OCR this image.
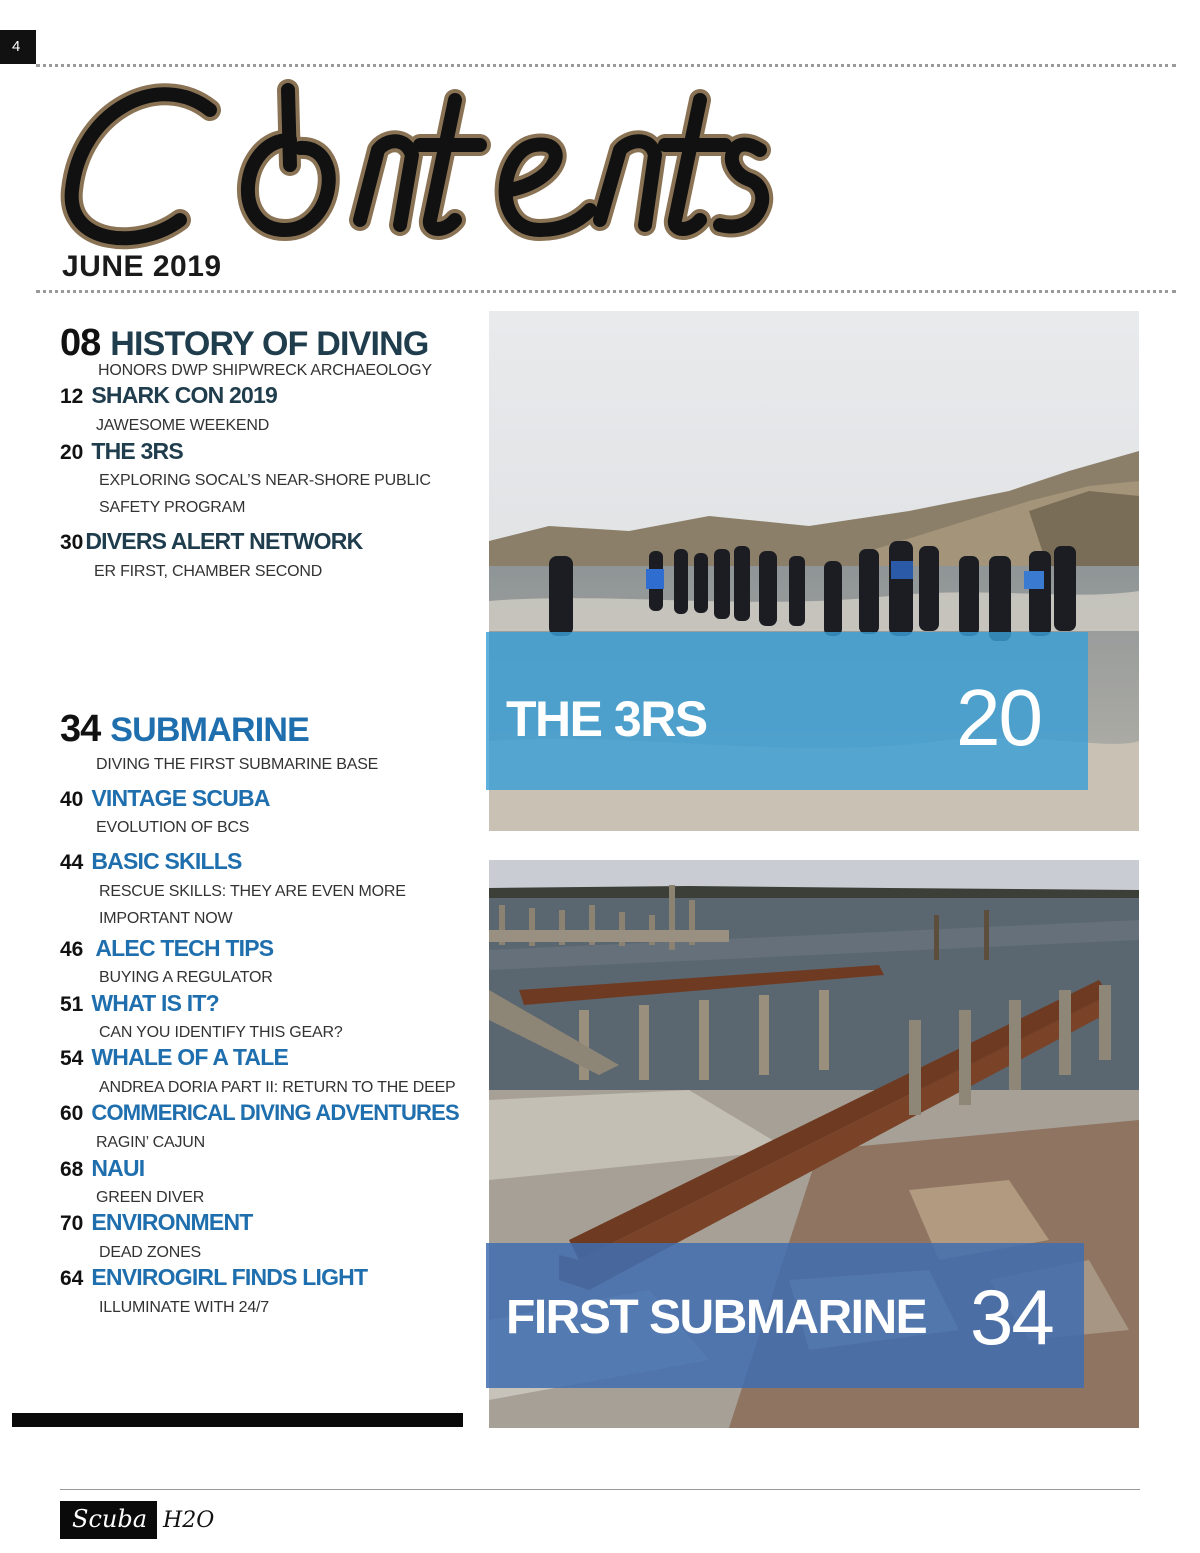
4
JUNE 2019
08 HISTORY OF DIVING
HONORS DWP SHIPWRECK ARCHAEOLOGY
12 SHARK CON 2019
JAWESOME WEEKEND
20 THE 3RS
EXPLORING SOCAL’S NEAR-SHORE PUBLIC
SAFETY PROGRAM
30DIVERS ALERT NETWORK
ER FIRST, CHAMBER SECOND
34 SUBMARINE
DIVING THE FIRST SUBMARINE BASE
40 VINTAGE SCUBA
EVOLUTION OF BCS
44 BASIC SKILLS
RESCUE SKILLS: THEY ARE EVEN MORE
IMPORTANT NOW
46 ALEC TECH TIPS
BUYING A REGULATOR
51 WHAT IS IT?
CAN YOU IDENTIFY THIS GEAR?
54 WHALE OF A TALE
ANDREA DORIA PART II: RETURN TO THE DEEP
60 COMMERICAL DIVING ADVENTURES
RAGIN’ CAJUN
68 NAUI
GREEN DIVER
70 ENVIRONMENT
DEAD ZONES
64 ENVIROGIRL FINDS LIGHT
ILLUMINATE WITH 24/7
THE 3RS	20
FIRST SUBMARINE 34
Scuba H2O
